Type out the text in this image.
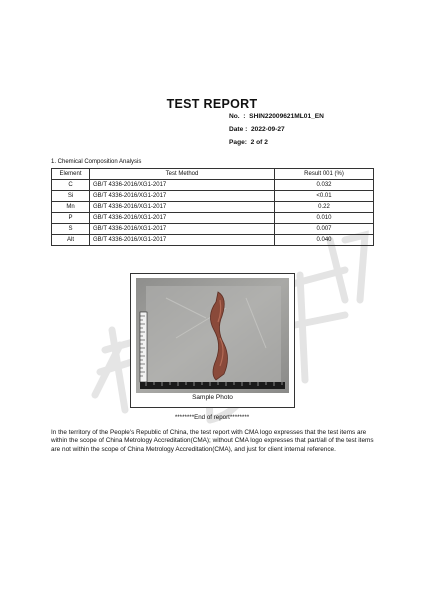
TEST REPORT
No. : SHIN22009621ML01_EN
Date : 2022-09-27
Page: 2 of 2
1. Chemical Composition Analysis
Element	Test Method	Result 001 (%)
C	GB/T 4336-2016/XG1-2017	0.032
Si	GB/T 4336-2016/XG1-2017	<0.01
Mn	GB/T 4336-2016/XG1-2017	0.22
P	GB/T 4336-2016/XG1-2017	0.010
S	GB/T 4336-2016/XG1-2017	0.007
Alt	GB/T 4336-2016/XG1-2017	0.040
Sample Photo
********End of report********
In the territory of the People's Republic of China, the test report with CMA logo expresses that the test items are within the scope of China Metrology Accreditation(CMA); without CMA logo expresses that part/all of the test items are not within the scope of China Metrology Accreditation(CMA), and just for client internal reference.
